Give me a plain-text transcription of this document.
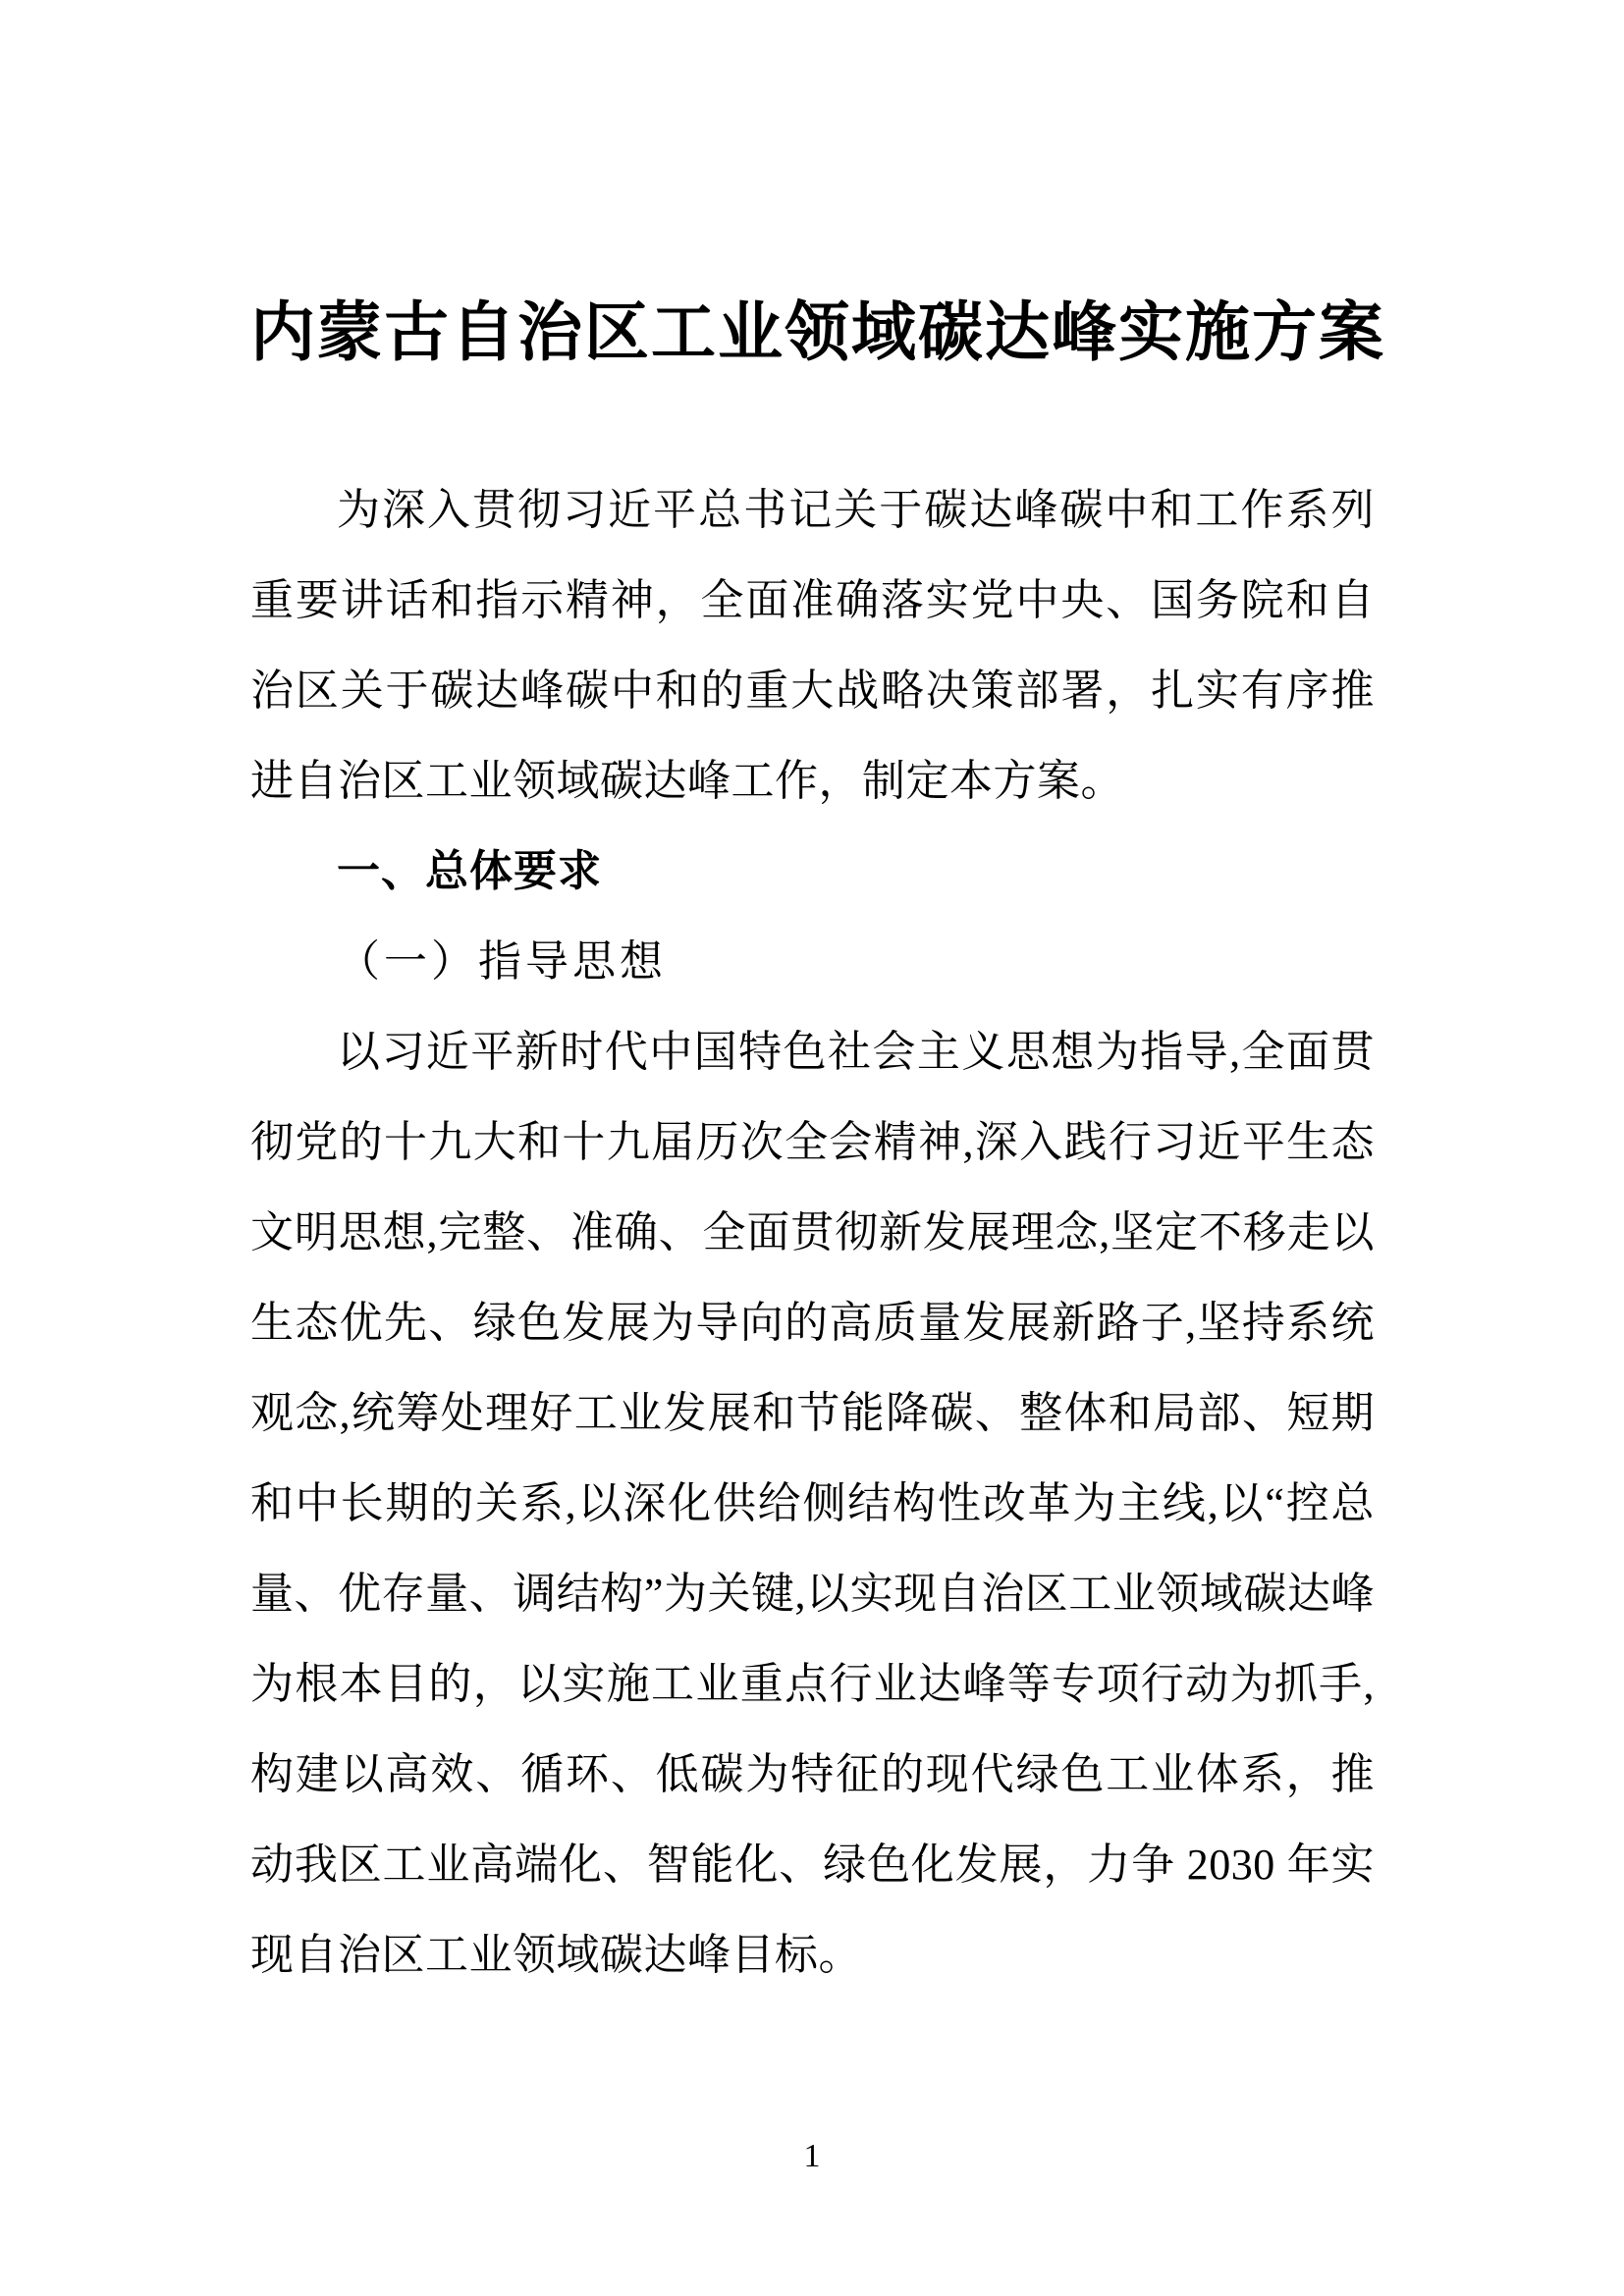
内蒙古自治区工业领域碳达峰实施方案

为深入贯彻习近平总书记关于碳达峰碳中和工作系列重要讲话和指示精神，全面准确落实党中央、国务院和自治区关于碳达峰碳中和的重大战略决策部署，扎实有序推进自治区工业领域碳达峰工作，制定本方案。

一、总体要求
（一）指导思想

以习近平新时代中国特色社会主义思想为指导,全面贯彻党的十九大和十九届历次全会精神,深入践行习近平生态文明思想,完整、准确、全面贯彻新发展理念,坚定不移走以生态优先、绿色发展为导向的高质量发展新路子,坚持系统观念,统筹处理好工业发展和节能降碳、整体和局部、短期和中长期的关系,以深化供给侧结构性改革为主线,以“控总量、优存量、调结构”为关键,以实现自治区工业领域碳达峰为根本目的，以实施工业重点行业达峰等专项行动为抓手,构建以高效、循环、低碳为特征的现代绿色工业体系，推动我区工业高端化、智能化、绿色化发展，力争 2030 年实现自治区工业领域碳达峰目标。

1
